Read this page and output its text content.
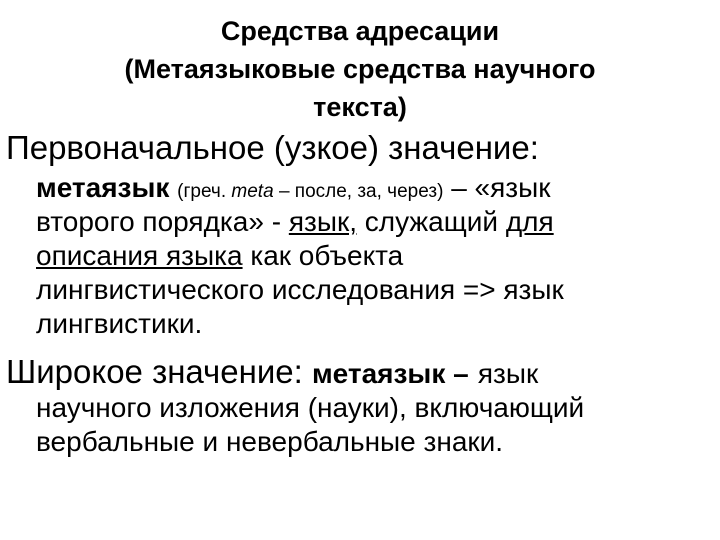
Средства адресации
(Метаязыковые средства научного
текста)
Первоначальное (узкое) значение:
метаязык (греч. meta – после, за, через) – «язык
второго порядка» - язык, служащий для
описания языка как объекта
лингвистического исследования => язык
лингвистики.
Широкое значение: метаязык – язык
научного изложения (науки), включающий
вербальные и невербальные знаки.
